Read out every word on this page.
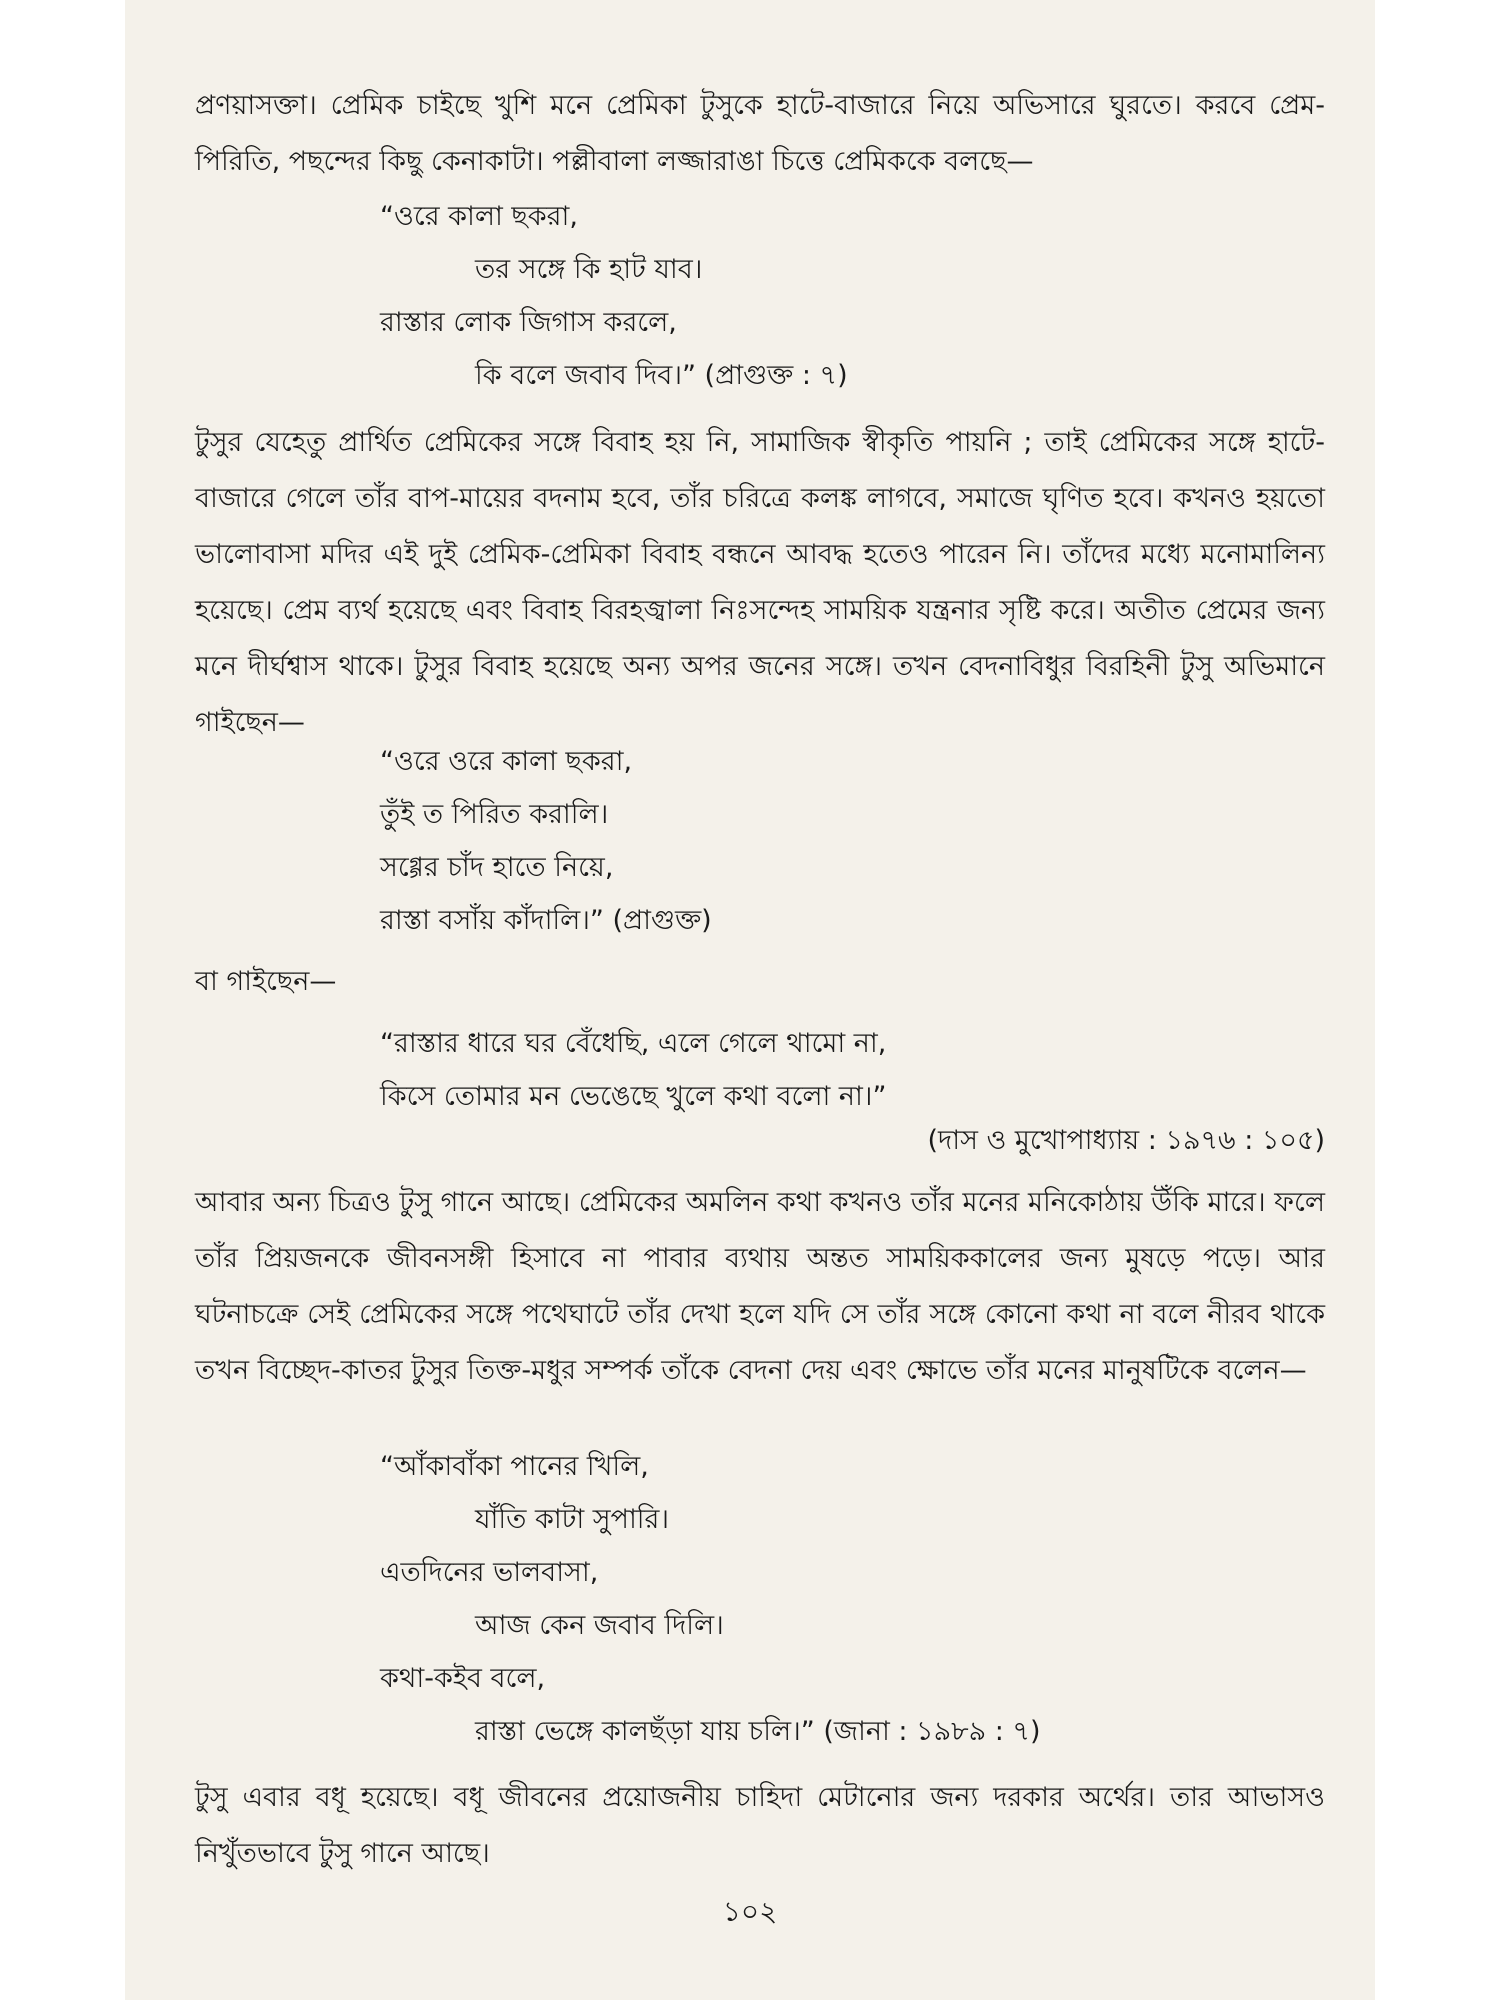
প্রণয়াসক্তা। প্রেমিক চাইছে খুশি মনে প্রেমিকা টুসুকে হাটে-বাজারে নিয়ে অভিসারে ঘুরতে। করবে প্রেম-পিরিতি, পছন্দের কিছু কেনাকাটা। পল্লীবালা লজ্জারাঙা চিত্তে প্রেমিককে বলছে—

“ওরে কালা ছকরা,
তর সঙ্গে কি হাট যাব।
রাস্তার লোক জিগাস করলে,
কি বলে জবাব দিব।” (প্রাগুক্ত : ৭)

টুসুর যেহেতু প্রার্থিত প্রেমিকের সঙ্গে বিবাহ হয় নি, সামাজিক স্বীকৃতি পায়নি ; তাই প্রেমিকের সঙ্গে হাটে-বাজারে গেলে তাঁর বাপ-মায়ের বদনাম হবে, তাঁর চরিত্রে কলঙ্ক লাগবে, সমাজে ঘৃণিত হবে। কখনও হয়তো ভালোবাসা মদির এই দুই প্রেমিক-প্রেমিকা বিবাহ বন্ধনে আবদ্ধ হতেও পারেন নি। তাঁদের মধ্যে মনোমালিন্য হয়েছে। প্রেম ব্যর্থ হয়েছে এবং বিবাহ বিরহজ্বালা নিঃসন্দেহ সাময়িক যন্ত্রনার সৃষ্টি করে। অতীত প্রেমের জন্য মনে দীর্ঘশ্বাস থাকে। টুসুর বিবাহ হয়েছে অন্য অপর জনের সঙ্গে। তখন বেদনাবিধুর বিরহিনী টুসু অভিমানে গাইছেন—

“ওরে ওরে কালা ছকরা,
তুঁই ত পিরিত করালি।
সগ্গের চাঁদ হাতে নিয়ে,
রাস্তা বসাঁয় কাঁদালি।” (প্রাগুক্ত)
বা গাইছেন—
“রাস্তার ধারে ঘর বেঁধেছি, এলে গেলে থামো না,
কিসে তোমার মন ভেঙেছে খুলে কথা বলো না।”
(দাস ও মুখোপাধ্যায় : ১৯৭৬ : ১০৫)

আবার অন্য চিত্রও টুসু গানে আছে। প্রেমিকের অমলিন কথা কখনও তাঁর মনের মনিকোঠায় উঁকি মারে। ফলে তাঁর প্রিয়জনকে জীবনসঙ্গী হিসাবে না পাবার ব্যথায় অন্তত সাময়িককালের জন্য মুষড়ে পড়ে। আর ঘটনাচক্রে সেই প্রেমিকের সঙ্গে পথেঘাটে তাঁর দেখা হলে যদি সে তাঁর সঙ্গে কোনো কথা না বলে নীরব থাকে তখন বিচ্ছেদ-কাতর টুসুর তিক্ত-মধুর সম্পর্ক তাঁকে বেদনা দেয় এবং ক্ষোভে তাঁর মনের মানুষটিকে বলেন—

“আঁকাবাঁকা পানের খিলি,
যাঁতি কাটা সুপারি।
এতদিনের ভালবাসা,
আজ কেন জবাব দিলি।
কথা-কইব বলে,
রাস্তা ভেঙ্গে কালছঁড়া যায় চলি।” (জানা : ১৯৮৯ : ৭)

টুসু এবার বধূ হয়েছে। বধূ জীবনের প্রয়োজনীয় চাহিদা মেটানোর জন্য দরকার অর্থের। তার আভাসও নিখুঁতভাবে টুসু গানে আছে।

১০২
